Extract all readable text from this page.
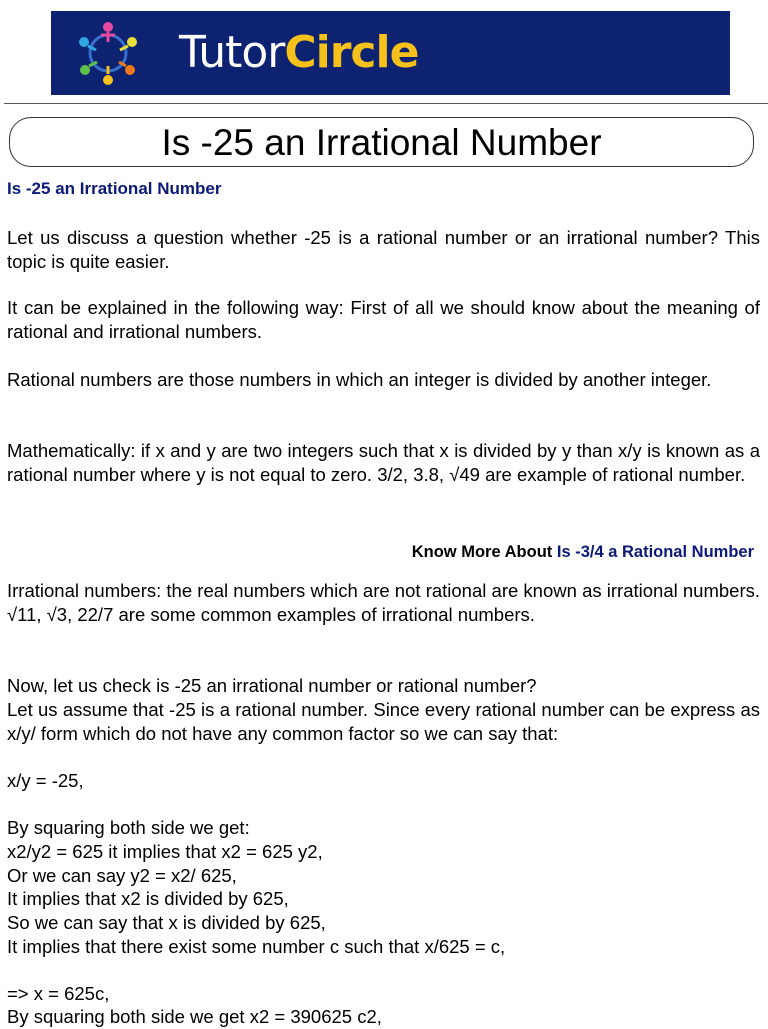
TutorCircle
Is -25 an Irrational Number
Is -25 an Irrational Number
Let us discuss a question whether -25 is a rational number or an irrational number? This topic is quite easier.
It can be explained in the following way: First of all we should know about the meaning of rational and irrational numbers.
Rational numbers are those numbers in which an integer is divided by another integer.
Mathematically: if x and y are two integers such that x is divided by y than x/y is known as a rational number where y is not equal to zero. 3/2, 3.8, √49 are example of rational number.
Know More About Is -3/4 a Rational Number
Irrational numbers: the real numbers which are not rational are known as irrational numbers. √11, √3, 22/7 are some common examples of irrational numbers.
Now, let us check is -25 an irrational number or rational number?
Let us assume that -25 is a rational number. Since every rational number can be express as x/y/ form which do not have any common factor so we can say that:
x/y = -25,
By squaring both side we get:
x2/y2 = 625 it implies that x2 = 625 y2,
Or we can say y2 = x2/ 625,
It implies that x2 is divided by 625,
So we can say that x is divided by 625,
It implies that there exist some number c such that x/625 = c,
=> x = 625c,
By squaring both side we get x2 = 390625 c2,
